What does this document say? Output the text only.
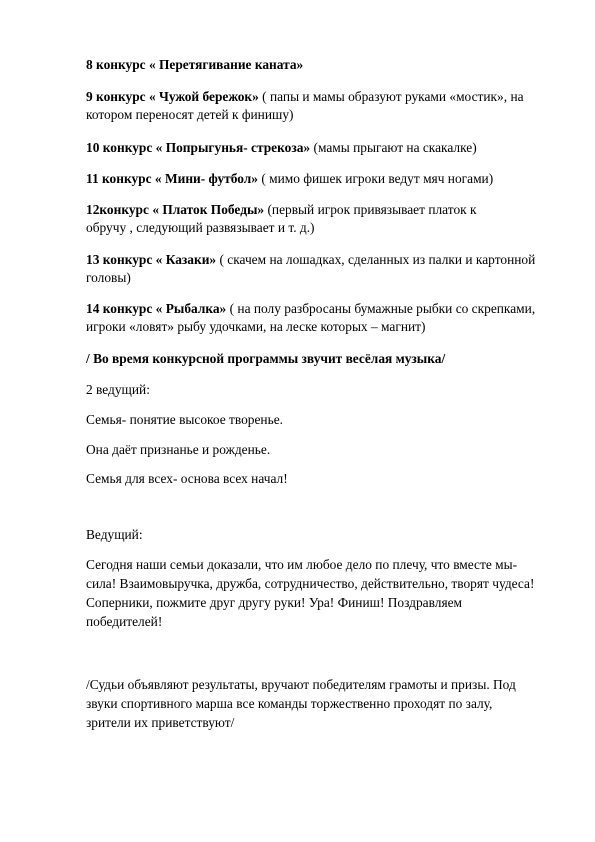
8 конкурс « Перетягивание каната»
9 конкурс « Чужой бережок» ( папы и мамы образуют руками «мостик», на
котором переносят детей к финишу)
10 конкурс « Попрыгунья- стрекоза» (мамы прыгают на скакалке)
11 конкурс « Мини- футбол» ( мимо фишек игроки ведут мяч ногами)
12конкурс « Платок Победы» (первый игрок привязывает платок к
обручу , следующий развязывает и т. д.)
13 конкурс « Казаки» ( скачем на лошадках, сделанных из палки и картонной
головы)
14 конкурс « Рыбалка» ( на полу разбросаны бумажные рыбки со скрепками,
игроки «ловят» рыбу удочками, на леске которых – магнит)
/ Во время конкурсной программы звучит весёлая музыка/
2 ведущий:
Семья- понятие высокое творенье.
Она даёт признанье и рожденье.
Семья для всех- основа всех начал!
Ведущий:
Сегодня наши семьи доказали, что им любое дело по плечу, что вместе мы-
сила! Взаимовыручка, дружба, сотрудничество, действительно, творят чудеса!
Соперники, пожмите друг другу руки! Ура! Финиш! Поздравляем
победителей!
/Судьи объявляют результаты, вручают победителям грамоты и призы. Под
звуки спортивного марша все команды торжественно проходят по залу,
зрители их приветствуют/
